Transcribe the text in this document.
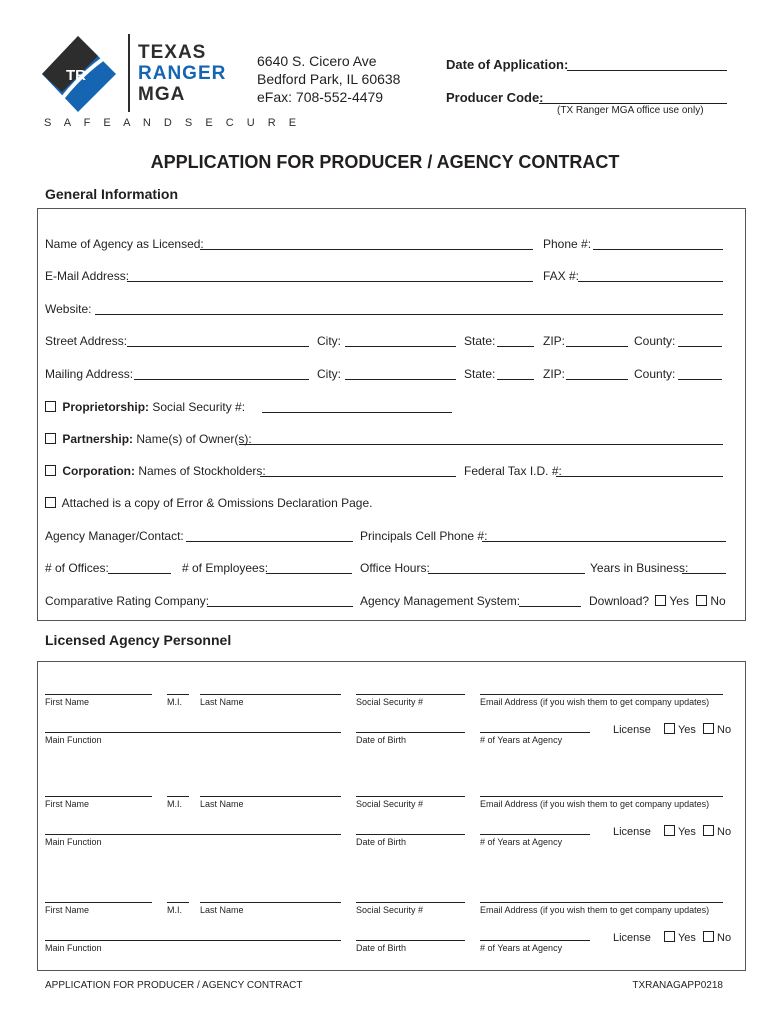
TR
TEXAS
RANGER
MGA
S A F E A N D S E C U R E
6640 S. Cicero Ave
Bedford Park, IL 60638
eFax: 708-552-4479
Date of Application:
Producer Code:
(TX Ranger MGA office use only)
APPLICATION FOR PRODUCER / AGENCY CONTRACT
General Information
Name of Agency as Licensed:	Phone #:
E-Mail Address:	FAX #:
Website:
Street Address:	City:	State:	ZIP:	County:
Mailing Address:	City:	State:	ZIP:	County:
Proprietorship: Social Security #:
Partnership: Name(s) of Owner(s):
Corporation: Names of Stockholders:	Federal Tax I.D. #:
Attached is a copy of Error & Omissions Declaration Page.
Agency Manager/Contact:	Principals Cell Phone #:
# of Offices:	# of Employees:	Office Hours:	Years in Business:
Comparative Rating Company:	Agency Management System:	Download? Yes No
Licensed Agency Personnel
First Name	M.I. Last Name	Social Security #	Email Address (if you wish them to get company updates)
Main Function	Date of Birth	# of Years at Agency
License Yes No
First Name	M.I. Last Name	Social Security #	Email Address (if you wish them to get company updates)
Main Function	Date of Birth	# of Years at Agency
License Yes No
First Name	M.I. Last Name	Social Security #	Email Address (if you wish them to get company updates)
Main Function	Date of Birth	# of Years at Agency
License Yes No
APPLICATION FOR PRODUCER / AGENCY CONTRACT	TXRANAGAPP0218
